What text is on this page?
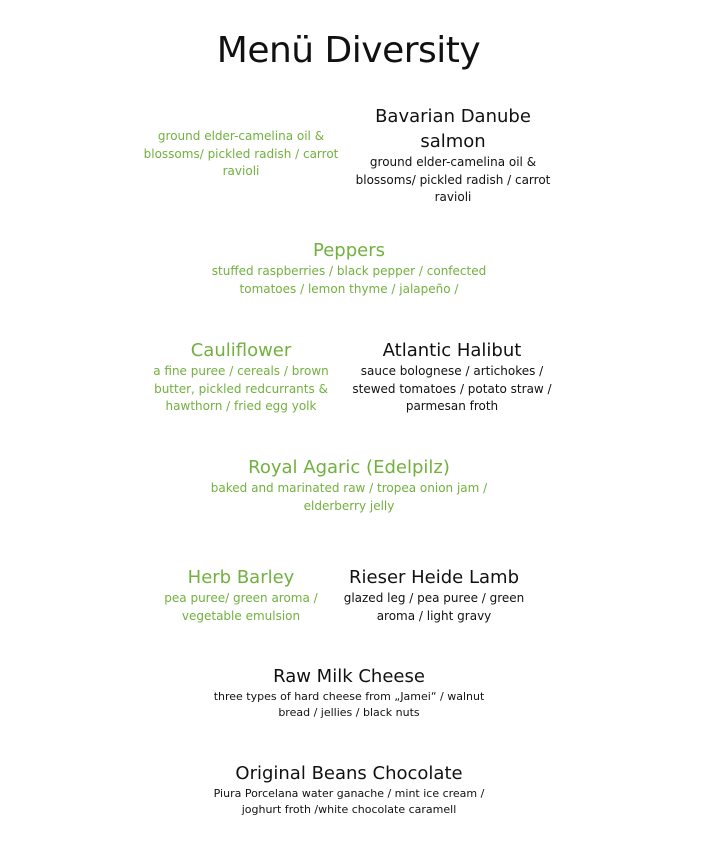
Menü Diversity
ground elder-camelina oil &
blossoms/ pickled radish / carrot
ravioli
Bavarian Danube
salmon
ground elder-camelina oil &
blossoms/ pickled radish / carrot
ravioli
Peppers
stuffed raspberries / black pepper / confected
tomatoes / lemon thyme / jalapeño /
Cauliflower
a fine puree / cereals / brown
butter, pickled redcurrants &
hawthorn / fried egg yolk
Atlantic Halibut
sauce bolognese / artichokes /
stewed tomatoes / potato straw /
parmesan froth
Royal Agaric (Edelpilz)
baked and marinated raw / tropea onion jam /
elderberry jelly
Herb Barley
pea puree/ green aroma /
vegetable emulsion
Rieser Heide Lamb
glazed leg / pea puree / green
aroma / light gravy
Raw Milk Cheese
three types of hard cheese from „Jamei“ / walnut
bread / jellies / black nuts
Original Beans Chocolate
Piura Porcelana water ganache / mint ice cream /
joghurt froth /white chocolate caramell
